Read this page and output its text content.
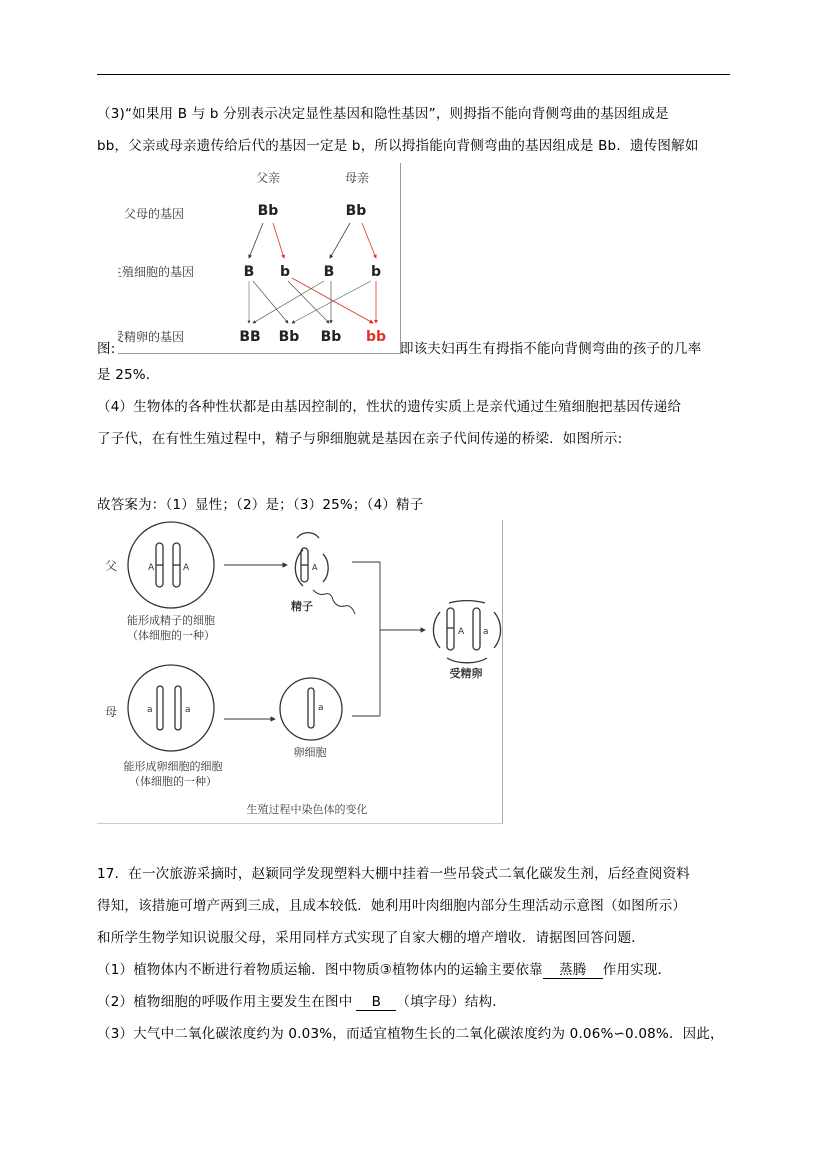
（3)“如果用 B 与 b 分别表示决定显性基因和隐性基因”，则拇指不能向背侧弯曲的基因组成是
bb，父亲或母亲遗传给后代的基因一定是 b，所以拇指能向背侧弯曲的基因组成是 Bb．遗传图解如
父亲	母亲
父母的基因
生殖细胞的基因
受精卵的基因
Bb	Bb
B b B	b
BB Bb Bb bb
图:	即该夫妇再生有拇指不能向背侧弯曲的孩子的几率
是 25%．
（4）生物体的各种性状都是由基因控制的，性状的遗传实质上是亲代通过生殖细胞把基因传递给
了子代，在有性生殖过程中，精子与卵细胞就是基因在亲子代间传递的桥梁．如图所示:
故答案为：（1）显性；（2）是；（3）25%；（4）精子
父	A	A	A
精子
能形成精子的细胞
（体细胞的一种）	A a
受精卵
母	a	a	a
卵细胞
能形成卵细胞的细胞
（体细胞的一种）
生殖过程中染色体的变化
17．在一次旅游采摘时，赵颖同学发现塑料大棚中挂着一些吊袋式二氧化碳发生剂，后经查阅资料
得知，该措施可增产两到三成，且成本较低．她利用叶肉细胞内部分生理活动示意图（如图所示）
和所学生物学知识说服父母，采用同样方式实现了自家大棚的增产增收．请据图回答问题．
（1）植物体内不断进行着物质运输．图中物质③植物体内的运输主要依靠 蒸腾 作用实现．
（2）植物细胞的呼吸作用主要发生在图中 B （填字母）结构．
（3）大气中二氧化碳浓度约为 0.03%，而适宜植物生长的二氧化碳浓度约为 0.06%∽0.08%．因此，
